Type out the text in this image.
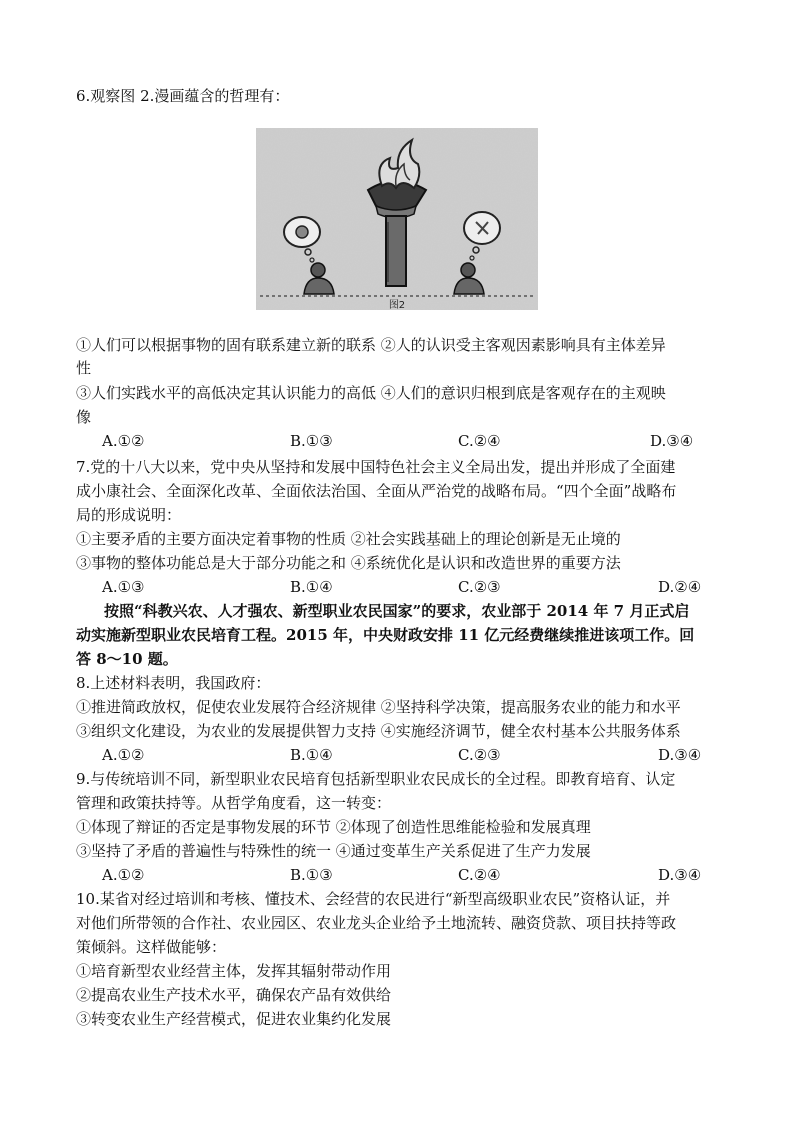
6.观察图 2.漫画蕴含的哲理有：
图2
①人们可以根据事物的固有联系建立新的联系 ②人的认识受主客观因素影响具有主体差异
性
③人们实践水平的高低决定其认识能力的高低 ④人们的意识归根到底是客观存在的主观映
像
A.①②	B.①③	C.②④	D.③④
7.党的十八大以来，党中央从坚持和发展中国特色社会主义全局出发，提出并形成了全面建
成小康社会、全面深化改革、全面依法治国、全面从严治党的战略布局。“四个全面”战略布
局的形成说明：
①主要矛盾的主要方面决定着事物的性质 ②社会实践基础上的理论创新是无止境的
③事物的整体功能总是大于部分功能之和 ④系统优化是认识和改造世界的重要方法
A.①③	B.①④	C.②③	D.②④
按照“科教兴农、人才强农、新型职业农民国家”的要求，农业部于 2014 年 7 月正式启
动实施新型职业农民培育工程。2015 年，中央财政安排 11 亿元经费继续推进该项工作。回
答 8～10 题。
8.上述材料表明，我国政府：
①推进简政放权，促使农业发展符合经济规律 ②坚持科学决策，提高服务农业的能力和水平
③组织文化建设，为农业的发展提供智力支持 ④实施经济调节，健全农村基本公共服务体系
A.①②	B.①④	C.②③	D.③④
9.与传统培训不同，新型职业农民培育包括新型职业农民成长的全过程。即教育培育、认定
管理和政策扶持等。从哲学角度看，这一转变：
①体现了辩证的否定是事物发展的环节 ②体现了创造性思维能检验和发展真理
③坚持了矛盾的普遍性与特殊性的统一 ④通过变革生产关系促进了生产力发展
A.①②	B.①③	C.②④	D.③④
10.某省对经过培训和考核、懂技术、会经营的农民进行“新型高级职业农民”资格认证，并
对他们所带领的合作社、农业园区、农业龙头企业给予土地流转、融资贷款、项目扶持等政
策倾斜。这样做能够：
①培育新型农业经营主体，发挥其辐射带动作用
②提高农业生产技术水平，确保农产品有效供给
③转变农业生产经营模式，促进农业集约化发展
